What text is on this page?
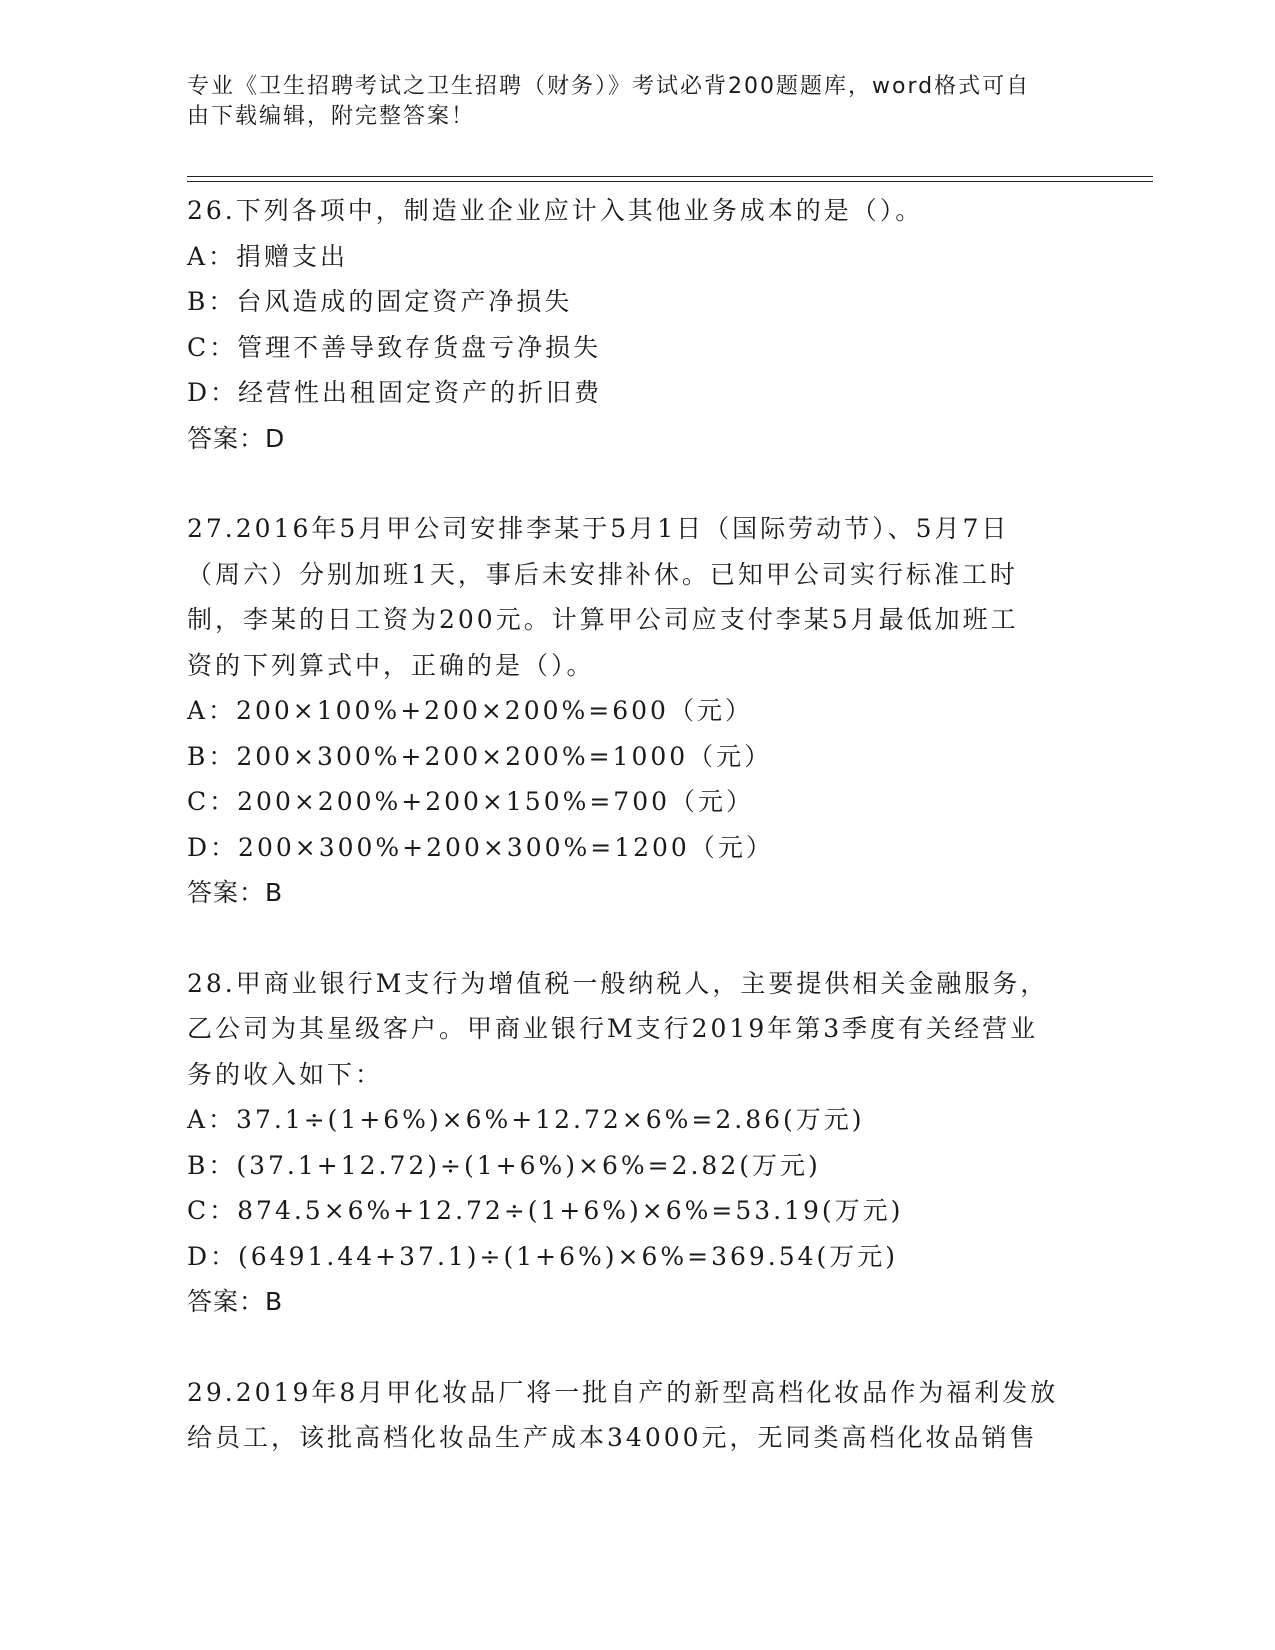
专业《卫生招聘考试之卫生招聘（财务）》考试必背200题题库，word格式可自
由下载编辑，附完整答案！
26.下列各项中，制造业企业应计入其他业务成本的是（）。
A：捐赠支出
B：台风造成的固定资产净损失
C：管理不善导致存货盘亏净损失
D：经营性出租固定资产的折旧费
答案：D
27.2016年5月甲公司安排李某于5月1日（国际劳动节）、5月7日
（周六）分别加班1天，事后未安排补休。已知甲公司实行标准工时
制，李某的日工资为200元。计算甲公司应支付李某5月最低加班工
资的下列算式中，正确的是（）。
A：200×100%+200×200%=600（元）
B：200×300%+200×200%=1000（元）
C：200×200%+200×150%=700（元）
D：200×300%+200×300%=1200（元）
答案：B
28.甲商业银行M支行为增值税一般纳税人，主要提供相关金融服务，
乙公司为其星级客户。甲商业银行M支行2019年第3季度有关经营业
务的收入如下：
A：37.1÷(1+6%)×6%+12.72×6%=2.86(万元)
B：(37.1+12.72)÷(1+6%)×6%=2.82(万元)
C：874.5×6%+12.72÷(1+6%)×6%=53.19(万元)
D：(6491.44+37.1)÷(1+6%)×6%=369.54(万元)
答案：B
29.2019年8月甲化妆品厂将一批自产的新型高档化妆品作为福利发放
给员工，该批高档化妆品生产成本34000元，无同类高档化妆品销售
